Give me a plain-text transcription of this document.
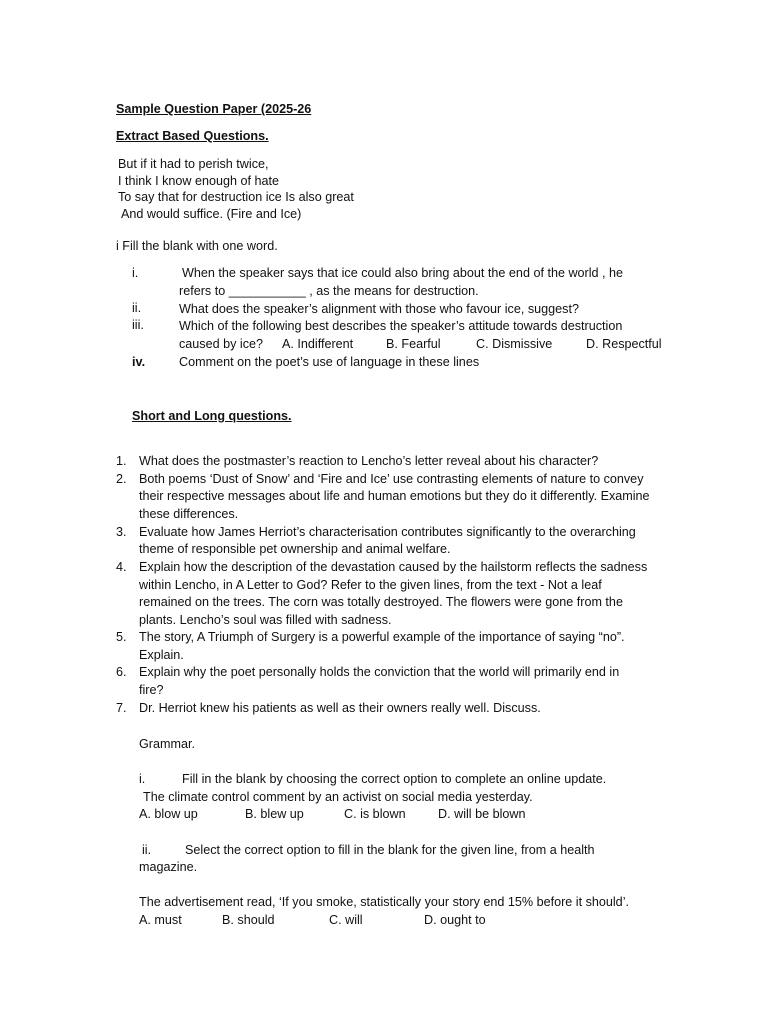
Sample Question Paper (2025-26
Extract Based Questions.
But if it had to perish twice,
I think I know enough of hate
To say that for destruction ice Is also great
And would suffice. (Fire and Ice)
i Fill the blank with one word.
i.	When the speaker says that ice could also bring about the end of the world , he
refers to ___________ , as the means for destruction.
ii.	What does the speaker’s alignment with those who favour ice, suggest?
iii.	Which of the following best describes the speaker’s attitude towards destruction
caused by ice? A. Indifferent	B. Fearful	C. Dismissive	D. Respectful
iv.	Comment on the poet’s use of language in these lines
Short and Long questions.
1. What does the postmaster’s reaction to Lencho’s letter reveal about his character?
2. Both poems ‘Dust of Snow’ and ‘Fire and Ice’ use contrasting elements of nature to convey
their respective messages about life and human emotions but they do it differently. Examine
these differences.
3. Evaluate how James Herriot’s characterisation contributes significantly to the overarching
theme of responsible pet ownership and animal welfare.
4. Explain how the description of the devastation caused by the hailstorm reflects the sadness
within Lencho, in A Letter to God? Refer to the given lines, from the text - Not a leaf
remained on the trees. The corn was totally destroyed. The flowers were gone from the
plants. Lencho’s soul was filled with sadness.
5. The story, A Triumph of Surgery is a powerful example of the importance of saying “no”.
Explain.
6. Explain why the poet personally holds the conviction that the world will primarily end in
fire?
7. Dr. Herriot knew his patients as well as their owners really well. Discuss.
Grammar.
i.	Fill in the blank by choosing the correct option to complete an online update.
The climate control comment by an activist on social media yesterday.
A. blow up	B. blew up	C. is blown	D. will be blown
ii.	Select the correct option to fill in the blank for the given line, from a health
magazine.
The advertisement read, ‘If you smoke, statistically your story end 15% before it should’.
A. must	B. should	C. will	D. ought to
